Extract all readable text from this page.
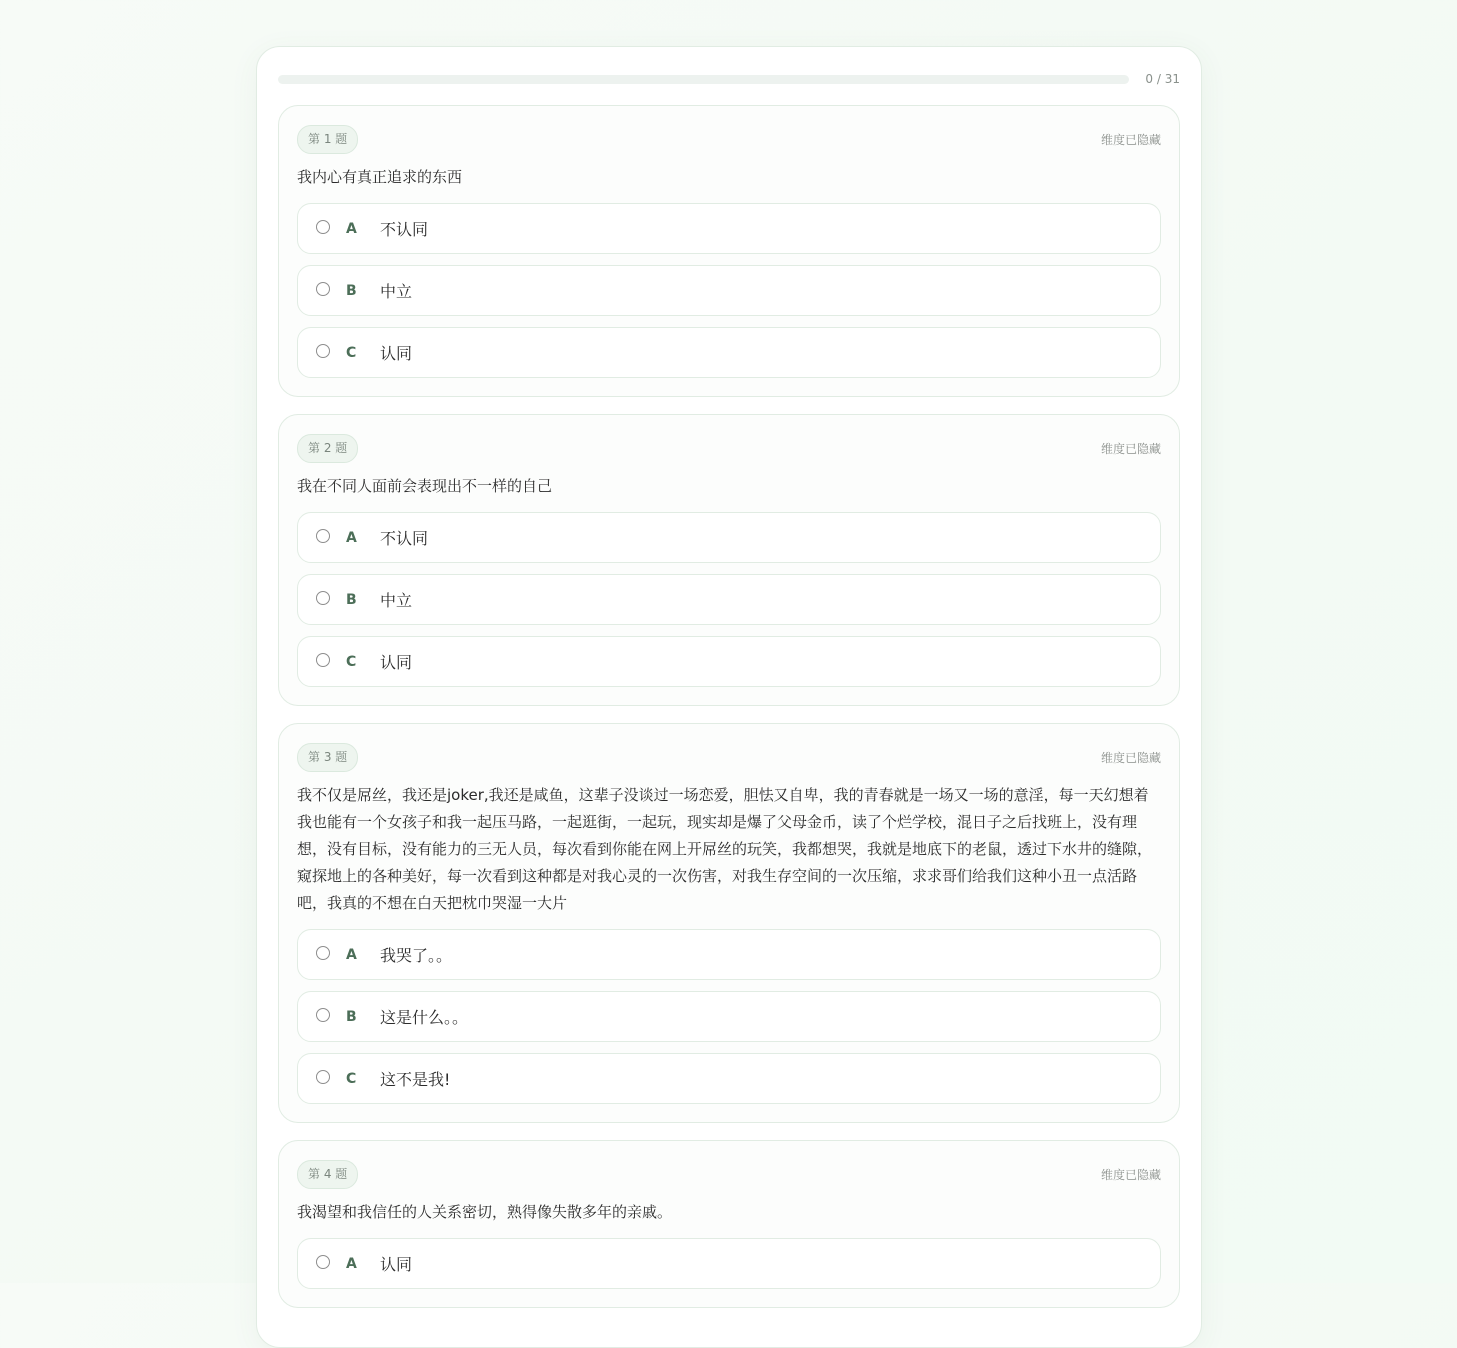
0 / 31
第 1 题	维度已隐藏
我内心有真正追求的东西
A	不认同
B	中立
C	认同
第 2 题	维度已隐藏
我在不同人面前会表现出不一样的自己
A	不认同
B	中立
C	认同
第 3 题	维度已隐藏
我不仅是屌丝，我还是joker,我还是咸鱼，这辈子没谈过一场恋爱，胆怯又自卑，我的青春就是一场又一场的意淫，每一天幻想着我也能有一个女孩子和我一起压马路，一起逛街，一起玩，现实却是爆了父母金币，读了个烂学校，混日子之后找班上，没有理想，没有目标，没有能力的三无人员，每次看到你能在网上开屌丝的玩笑，我都想哭，我就是地底下的老鼠，透过下水井的缝隙，窥探地上的各种美好，每一次看到这种都是对我心灵的一次伤害，对我生存空间的一次压缩，求求哥们给我们这种小丑一点活路吧，我真的不想在白天把枕巾哭湿一大片
A	我哭了。。
B	这是什么。。
C	这不是我!
第 4 题	维度已隐藏
我渴望和我信任的人关系密切，熟得像失散多年的亲戚。
A	认同
